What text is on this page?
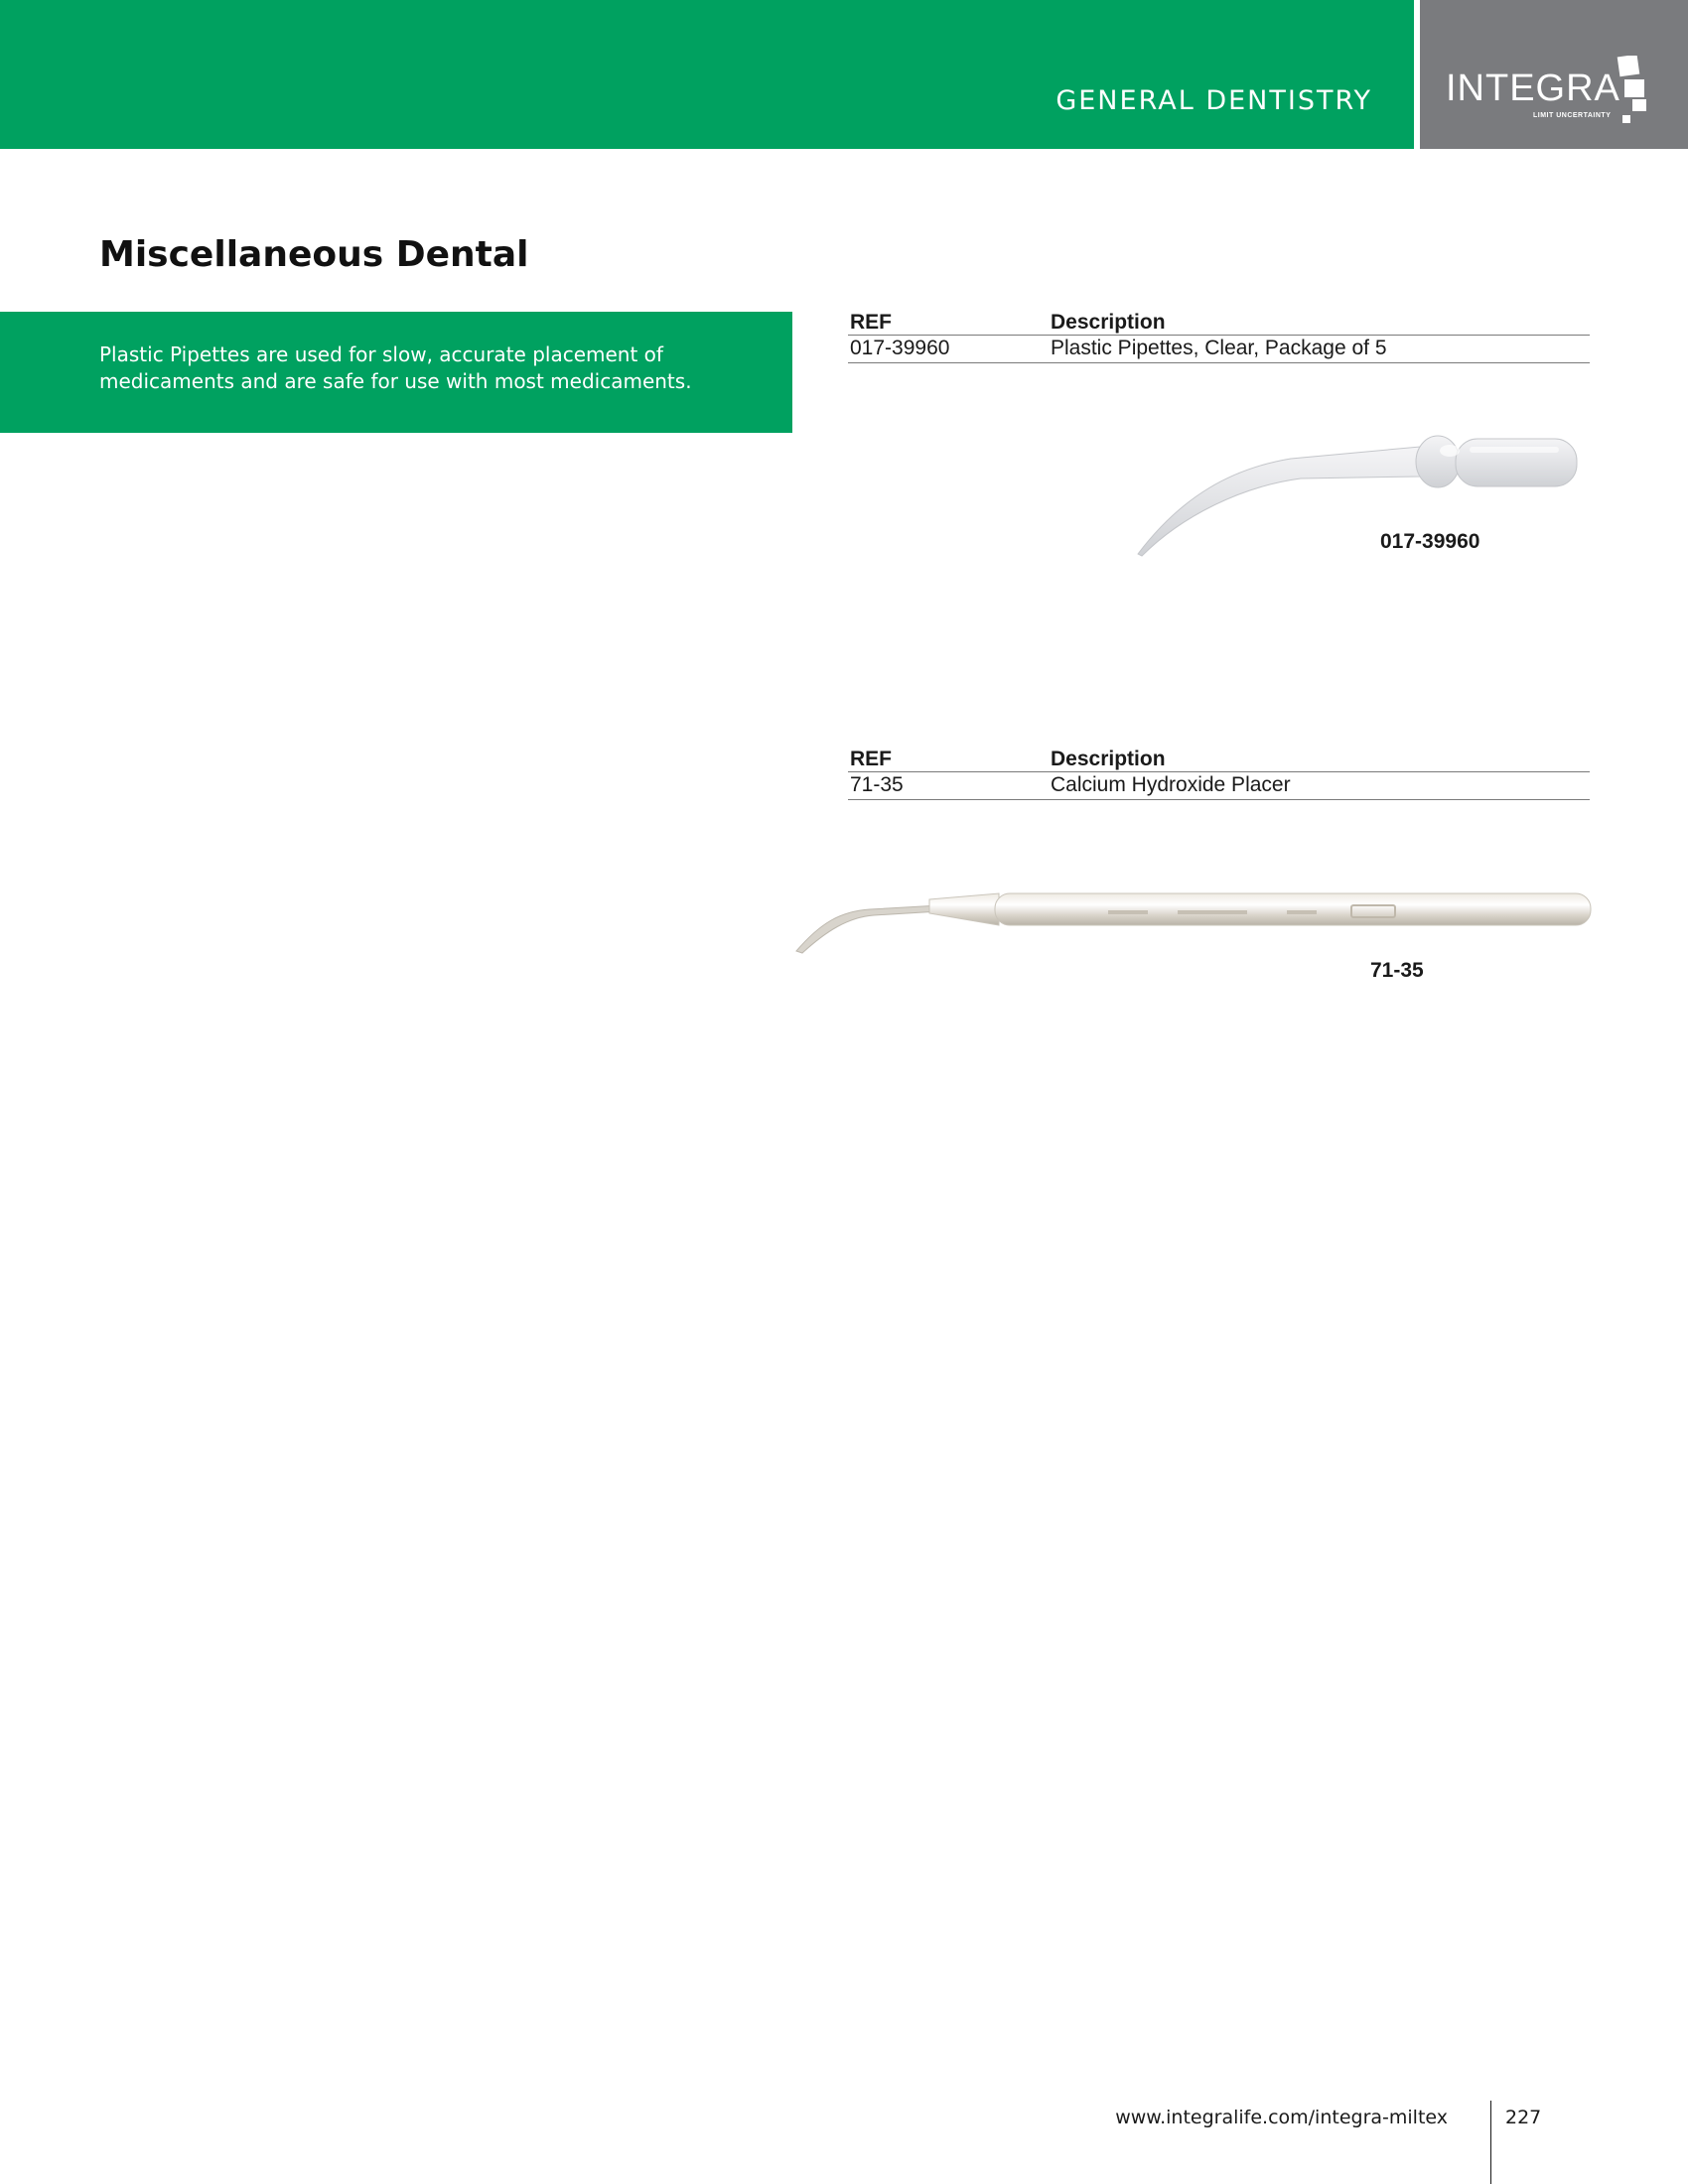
GENERAL DENTISTRY INTEGRA
LIMIT UNCERTAINTY
Miscellaneous Dental
Plastic Pipettes are used for slow, accurate placement of medicaments and are safe for use with most medicaments.
REF	Description
017-39960	Plastic Pipettes, Clear, Package of 5
017-39960
REF	Description
71-35	Calcium Hydroxide Placer
71-35
www.integralife.com/integra-miltex	227
